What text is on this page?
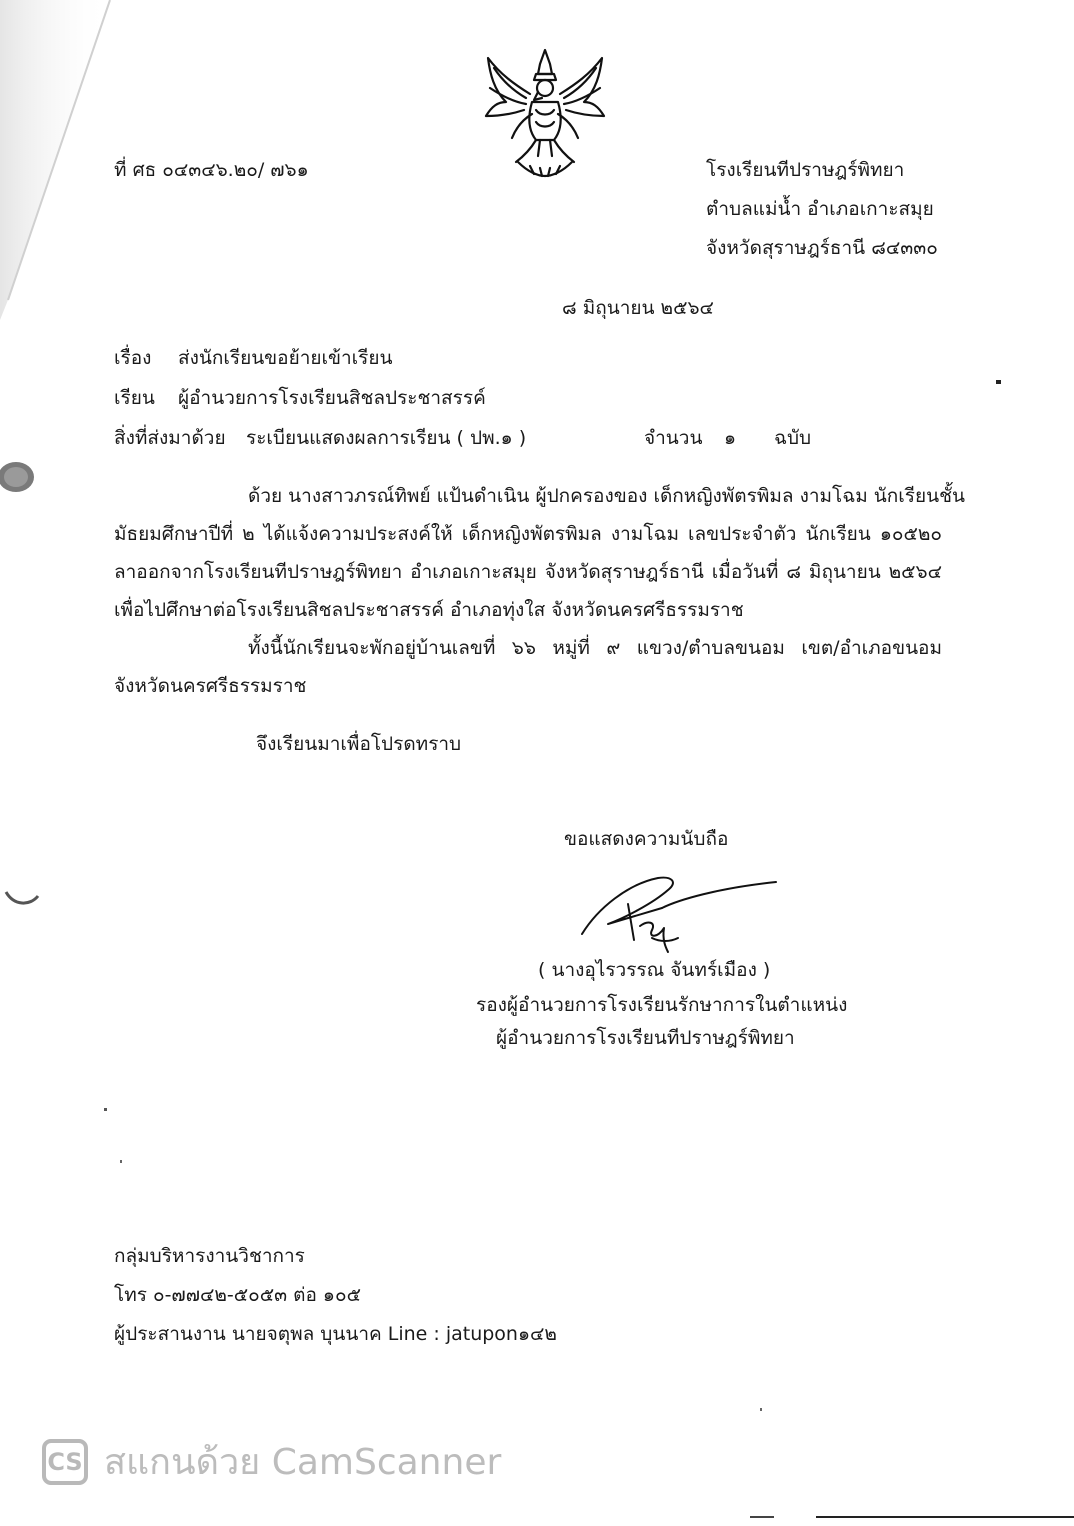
ที่ ศธ ๐๔๓๔๖.๒๐/ ๗๖๑	โรงเรียนทีปราษฎร์พิทยา
ตำบลแม่น้ำ อำเภอเกาะสมุย
จังหวัดสุราษฎร์ธานี ๘๔๓๓๐
๘ มิถุนายน ๒๕๖๔
เรื่อง ส่งนักเรียนขอย้ายเข้าเรียน
เรียน ผู้อำนวยการโรงเรียนสิชลประชาสรรค์
สิ่งที่ส่งมาด้วย ระเบียนแสดงผลการเรียน ( ปพ.๑ )	จำนวน ๑ ฉบับ
ด้วย นางสาวภรณ์ทิพย์ แป้นดำเนิน ผู้ปกครองของ เด็กหญิงพัตรพิมล งามโฉม นักเรียนชั้น
มัธยมศึกษาปีที่ ๒ ได้แจ้งความประสงค์ให้ เด็กหญิงพัตรพิมล งามโฉม เลขประจำตัว นักเรียน ๑๐๕๒๐
ลาออกจากโรงเรียนทีปราษฎร์พิทยา อำเภอเกาะสมุย จังหวัดสุราษฎร์ธานี เมื่อวันที่ ๘ มิถุนายน ๒๕๖๔
เพื่อไปศึกษาต่อโรงเรียนสิชลประชาสรรค์ อำเภอทุ่งใส จังหวัดนครศรีธรรมราช
ทั้งนี้นักเรียนจะพักอยู่บ้านเลขที่ ๖๖ หมู่ที่ ๙ แขวง/ตำบลขนอม เขต/อำเภอขนอม
จังหวัดนครศรีธรรมราช
จึงเรียนมาเพื่อโปรดทราบ
ขอแสดงความนับถือ
( นางอุไรวรรณ จันทร์เมือง )
รองผู้อำนวยการโรงเรียนรักษาการในตำแหน่ง
ผู้อำนวยการโรงเรียนทีปราษฎร์พิทยา
กลุ่มบริหารงานวิชาการ
โทร ๐-๗๗๔๒-๕๐๕๓ ต่อ ๑๐๕
ผู้ประสานงาน นายจตุพล บุนนาค Line : jatupon๑๔๒
CS สแกนด้วย CamScanner
